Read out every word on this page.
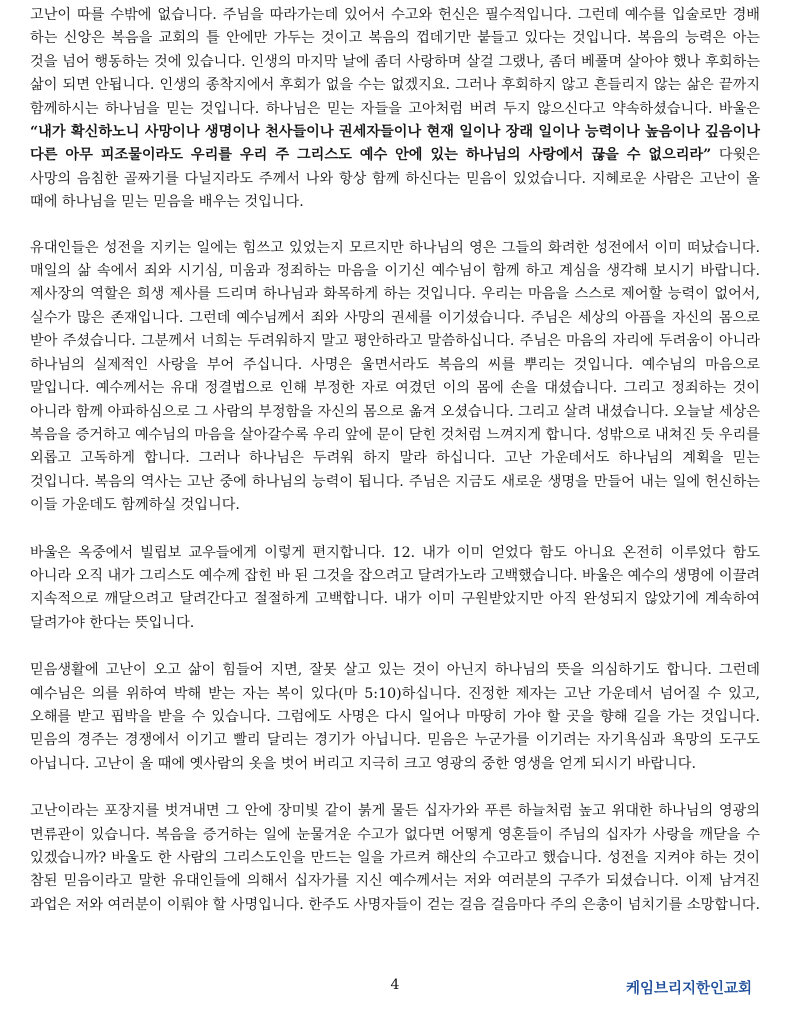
고난이 따를 수밖에 없습니다. 주님을 따라가는데 있어서 수고와 헌신은 필수적입니다. 그런데 예수를 입술로만 경배 하는 신앙은 복음을 교회의 틀 안에만 가두는 것이고 복음의 껍데기만 붙들고 있다는 것입니다. 복음의 능력은 아는 것을 넘어 행동하는 것에 있습니다. 인생의 마지막 날에 좀더 사랑하며 살걸 그랬나, 좀더 베풀며 살아야 했나 후회하는 삶이 되면 안됩니다. 인생의 종착지에서 후회가 없을 수는 없겠지요. 그러나 후회하지 않고 흔들리지 않는 삶은 끝까지 함께하시는 하나님을 믿는 것입니다. 하나님은 믿는 자들을 고아처럼 버려 두지 않으신다고 약속하셨습니다. 바울은 “내가 확신하노니 사망이나 생명이나 천사들이나 권세자들이나 현재 일이나 장래 일이나 능력이나 높음이나 깊음이나 다른 아무 피조물이라도 우리를 우리 주 그리스도 예수 안에 있는 하나님의 사랑에서 끊을 수 없으리라” 다윗은 사망의 음침한 골짜기를 다닐지라도 주께서 나와 항상 함께 하신다는 믿음이 있었습니다. 지혜로운 사람은 고난이 올 때에 하나님을 믿는 믿음을 배우는 것입니다.

유대인들은 성전을 지키는 일에는 힘쓰고 있었는지 모르지만 하나님의 영은 그들의 화려한 성전에서 이미 떠났습니다. 매일의 삶 속에서 죄와 시기심, 미움과 정죄하는 마음을 이기신 예수님이 함께 하고 계심을 생각해 보시기 바랍니다. 제사장의 역할은 희생 제사를 드리며 하나님과 화목하게 하는 것입니다. 우리는 마음을 스스로 제어할 능력이 없어서, 실수가 많은 존재입니다. 그런데 예수님께서 죄와 사망의 권세를 이기셨습니다. 주님은 세상의 아픔을 자신의 몸으로 받아 주셨습니다. 그분께서 너희는 두려워하지 말고 평안하라고 말씀하십니다. 주님은 마음의 자리에 두려움이 아니라 하나님의 실제적인 사랑을 부어 주십니다. 사명은 울면서라도 복음의 씨를 뿌리는 것입니다. 예수님의 마음으로 말입니다. 예수께서는 유대 정결법으로 인해 부정한 자로 여겼던 이의 몸에 손을 대셨습니다. 그리고 정죄하는 것이 아니라 함께 아파하심으로 그 사람의 부정함을 자신의 몸으로 옮겨 오셨습니다. 그리고 살려 내셨습니다. 오늘날 세상은 복음을 증거하고 예수님의 마음을 살아갈수록 우리 앞에 문이 닫힌 것처럼 느껴지게 합니다. 성밖으로 내쳐진 듯 우리를 외롭고 고독하게 합니다. 그러나 하나님은 두려워 하지 말라 하십니다. 고난 가운데서도 하나님의 계획을 믿는 것입니다. 복음의 역사는 고난 중에 하나님의 능력이 됩니다. 주님은 지금도 새로운 생명을 만들어 내는 일에 헌신하는 이들 가운데도 함께하실 것입니다.

바울은 옥중에서 빌립보 교우들에게 이렇게 편지합니다. 12. 내가 이미 얻었다 함도 아니요 온전히 이루었다 함도 아니라 오직 내가 그리스도 예수께 잡힌 바 된 그것을 잡으려고 달려가노라 고백했습니다. 바울은 예수의 생명에 이끌려 지속적으로 깨달으려고 달려간다고 절절하게 고백합니다. 내가 이미 구원받았지만 아직 완성되지 않았기에 계속하여 달려가야 한다는 뜻입니다.

믿음생활에 고난이 오고 삶이 힘들어 지면, 잘못 살고 있는 것이 아닌지 하나님의 뜻을 의심하기도 합니다. 그런데 예수님은 의를 위하여 박해 받는 자는 복이 있다(마 5:10)하십니다. 진정한 제자는 고난 가운데서 넘어질 수 있고, 오해를 받고 핍박을 받을 수 있습니다. 그럼에도 사명은 다시 일어나 마땅히 가야 할 곳을 향해 길을 가는 것입니다. 믿음의 경주는 경쟁에서 이기고 빨리 달리는 경기가 아닙니다. 믿음은 누군가를 이기려는 자기욕심과 욕망의 도구도 아닙니다. 고난이 올 때에 옛사람의 옷을 벗어 버리고 지극히 크고 영광의 중한 영생을 얻게 되시기 바랍니다.

고난이라는 포장지를 벗겨내면 그 안에 장미빛 같이 붉게 물든 십자가와 푸른 하늘처럼 높고 위대한 하나님의 영광의 면류관이 있습니다. 복음을 증거하는 일에 눈물겨운 수고가 없다면 어떻게 영혼들이 주님의 십자가 사랑을 깨닫을 수 있겠습니까? 바울도 한 사람의 그리스도인을 만드는 일을 가르켜 해산의 수고라고 했습니다. 성전을 지켜야 하는 것이 참된 믿음이라고 말한 유대인들에 의해서 십자가를 지신 예수께서는 저와 여러분의 구주가 되셨습니다. 이제 남겨진 과업은 저와 여러분이 이뤄야 할 사명입니다. 한주도 사명자들이 걷는 걸음 걸음마다 주의 은총이 넘치기를 소망합니다.

4	케임브리지한인교회
